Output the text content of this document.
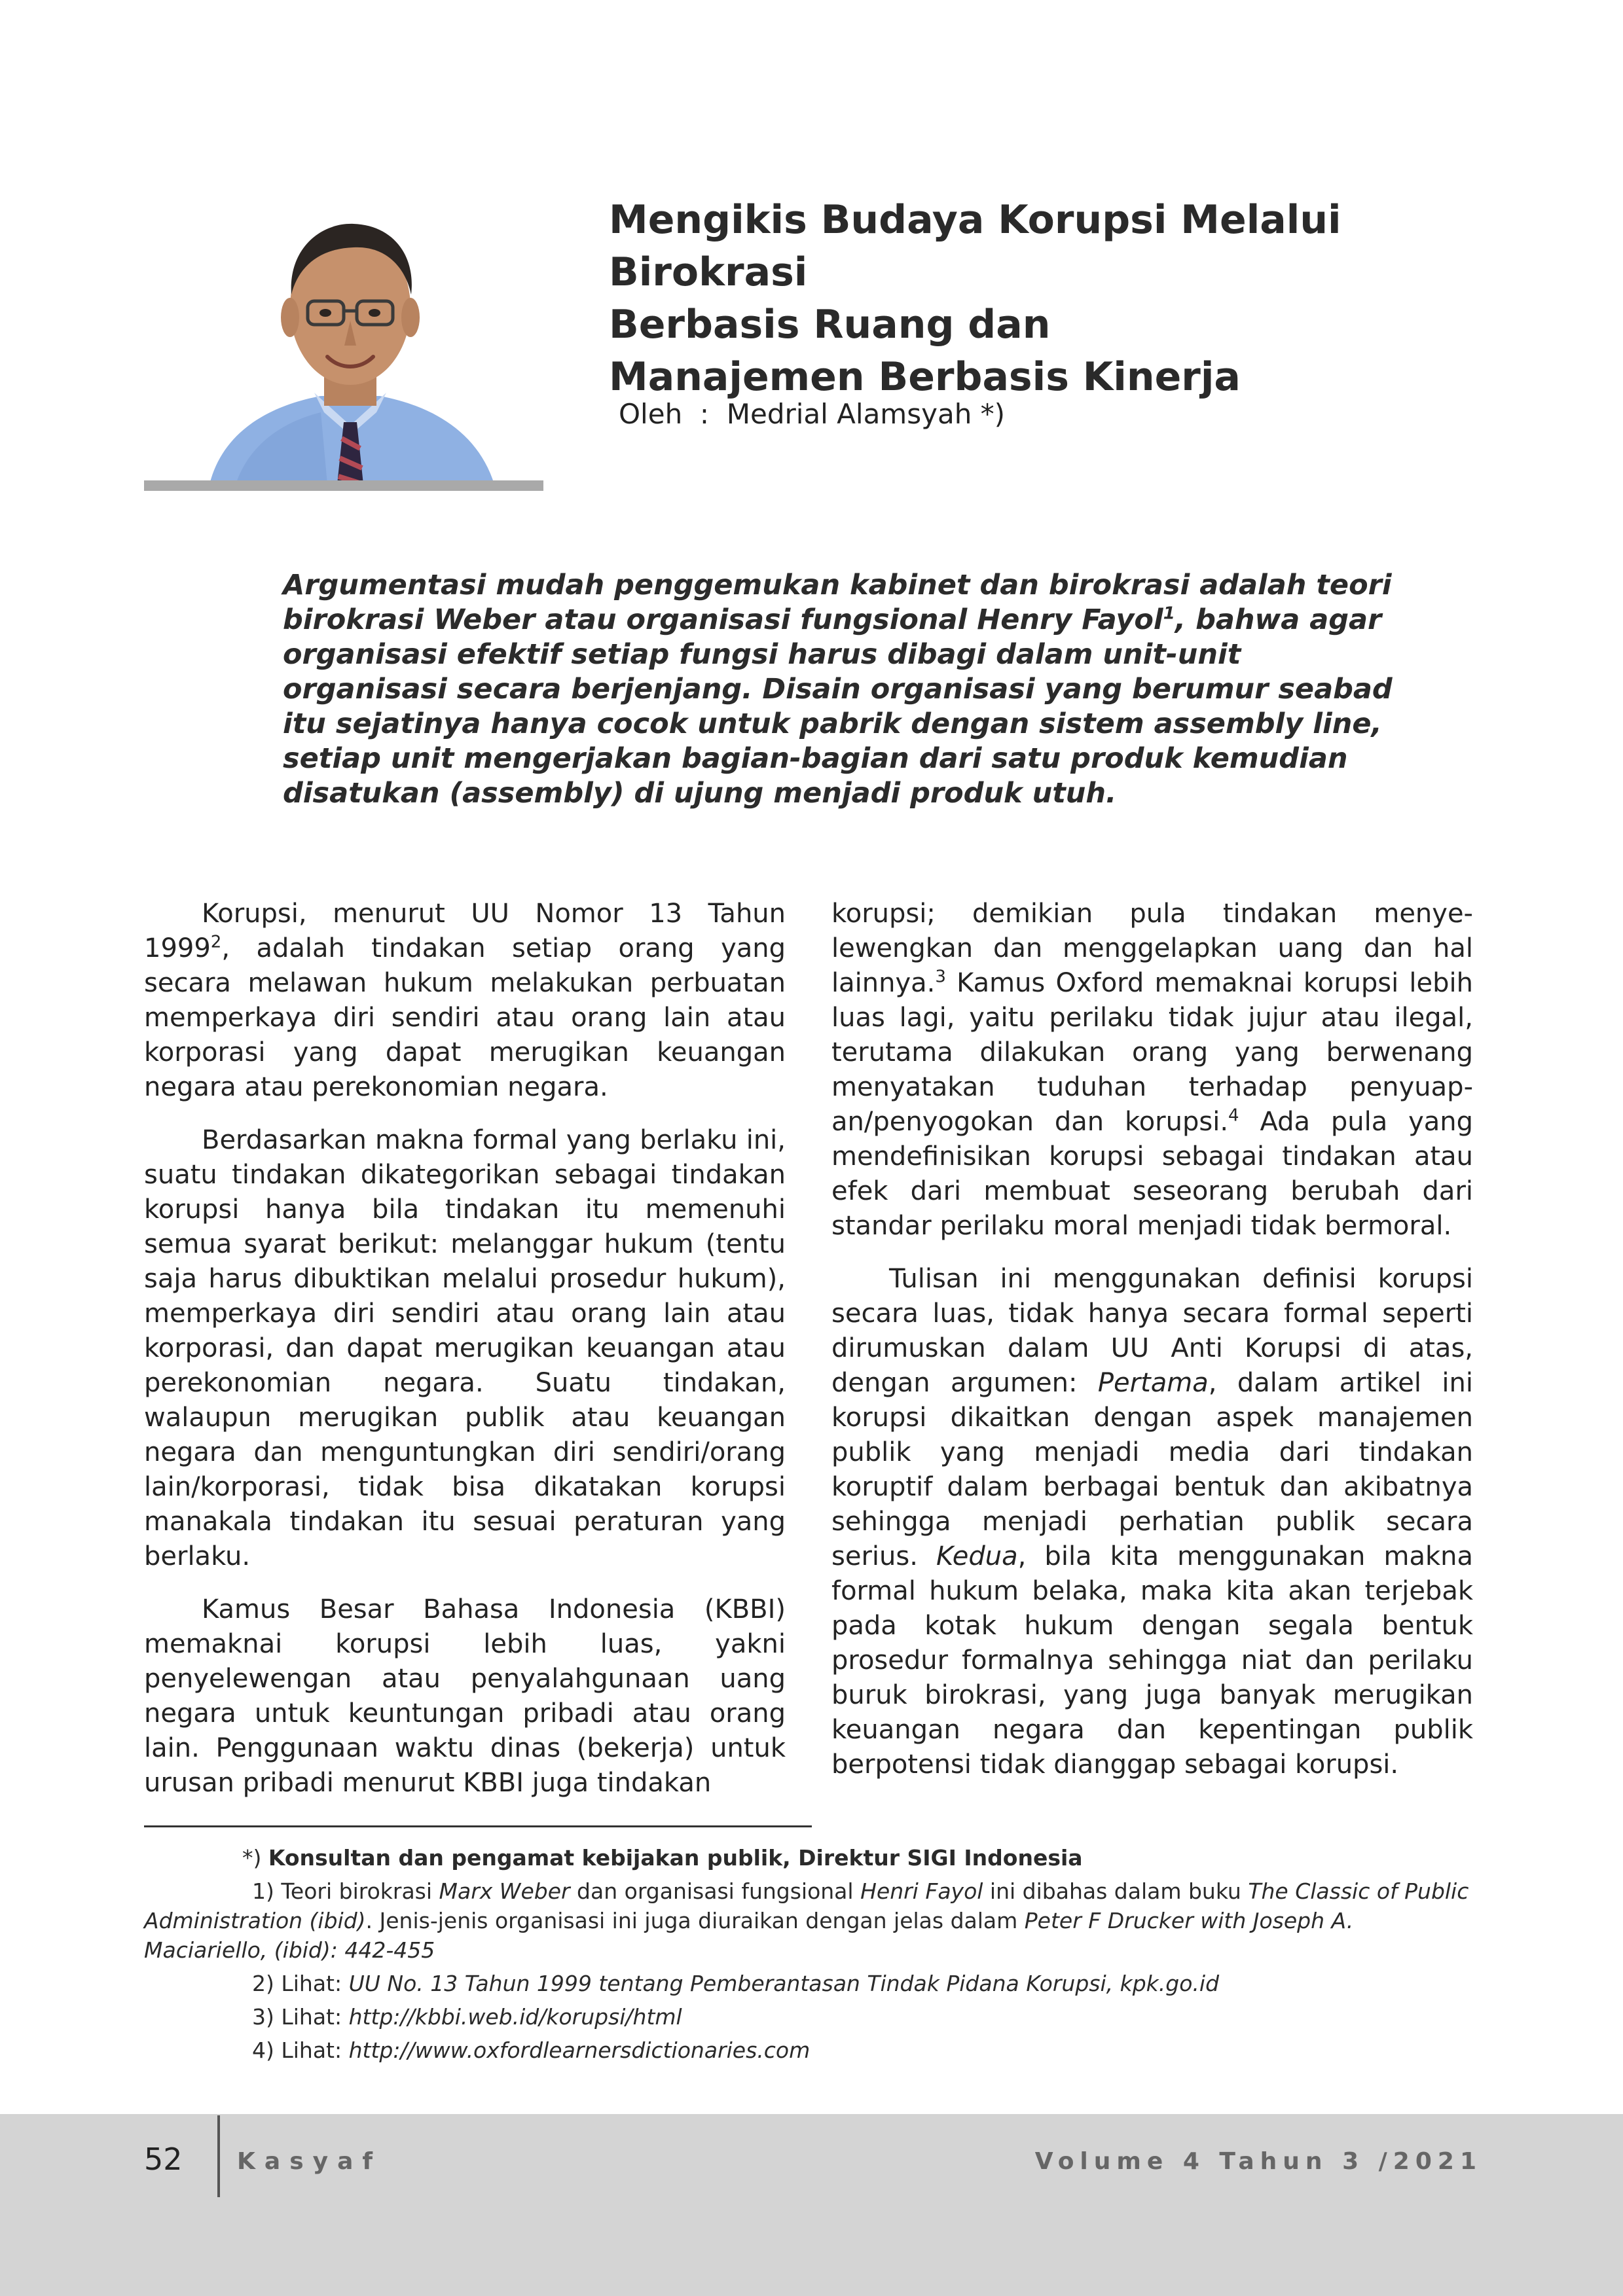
Mengikis Budaya Korupsi Melalui Birokrasi
Berbasis Ruang dan
Manajemen Berbasis Kinerja
Oleh  :  Medrial Alamsyah *)

Argumentasi mudah penggemukan kabinet dan birokrasi adalah teori birokrasi Weber atau organisasi fungsional Henry Fayol$^1$, bahwa agar organisasi efektif setiap fungsi harus dibagi dalam unit-unit organisasi secara berjenjang. Disain organisasi yang berumur seabad itu sejatinya hanya cocok untuk pabrik dengan sistem assembly line, setiap unit mengerjakan bagian-bagian dari satu produk kemudian disatukan (assembly) di ujung menjadi produk utuh.

Korupsi, menurut UU Nomor 13 Tahun 1999$^2$, adalah tindakan setiap orang yang secara melawan hukum melakukan perbuatan memperkaya diri sendiri atau orang lain atau korporasi yang dapat merugikan keuangan negara atau perekonomian negara.

Berdasarkan makna formal yang berlaku ini, suatu tindakan dikategorikan sebagai tindakan korupsi hanya bila tindakan itu memenuhi semua syarat berikut: melanggar hukum (tentu saja harus dibuktikan melalui prosedur hukum), memperkaya diri sendiri atau orang lain atau korporasi, dan dapat merugikan keuangan atau perekonomian negara. Suatu tindakan, walaupun merugikan publik atau keuangan negara dan menguntungkan diri sendiri/orang lain/korporasi, tidak bisa dikatakan korupsi manakala tindakan itu sesuai peraturan yang berlaku.

Kamus Besar Bahasa Indonesia (KBBI) memaknai korupsi lebih luas, yakni penyelewengan atau penyalahgunaan uang negara untuk keuntungan pribadi atau orang lain. Penggunaan waktu dinas (bekerja) untuk urusan pribadi menurut KBBI juga tindakan

korupsi; demikian pula tindakan menye-lewengkan dan menggelapkan uang dan hal lainnya.$^3$ Kamus Oxford memaknai korupsi lebih luas lagi, yaitu perilaku tidak jujur atau ilegal, terutama dilakukan orang yang berwenang menyatakan tuduhan terhadap penyuap-an/penyogokan dan korupsi.$^4$ Ada pula yang mendefinisikan korupsi sebagai tindakan atau efek dari membuat seseorang berubah dari standar perilaku moral menjadi tidak bermoral.

Tulisan ini menggunakan definisi korupsi secara luas, tidak hanya secara formal seperti dirumuskan dalam UU Anti Korupsi di atas, dengan argumen: Pertama, dalam artikel ini korupsi dikaitkan dengan aspek manajemen publik yang menjadi media dari tindakan koruptif dalam berbagai bentuk dan akibatnya sehingga menjadi perhatian publik secara serius. Kedua, bila kita menggunakan makna formal hukum belaka, maka kita akan terjebak pada kotak hukum dengan segala bentuk prosedur formalnya sehingga niat dan perilaku buruk birokrasi, yang juga banyak merugikan keuangan negara dan kepentingan publik berpotensi tidak dianggap sebagai korupsi.

*) Konsultan dan pengamat kebijakan publik, Direktur SIGI Indonesia

1) Teori birokrasi Marx Weber dan organisasi fungsional Henri Fayol ini dibahas dalam buku The Classic of Public Administration (ibid). Jenis-jenis organisasi ini juga diuraikan dengan jelas dalam Peter F Drucker with Joseph A. Maciariello, (ibid): 442-455

2) Lihat: UU No. 13 Tahun 1999 tentang Pemberantasan Tindak Pidana Korupsi, kpk.go.id

3) Lihat: http://kbbi.web.id/korupsi/html

4) Lihat: http://www.oxfordlearnersdictionaries.com

52 Kasyaf	Volume 4 Tahun 3 /2021
